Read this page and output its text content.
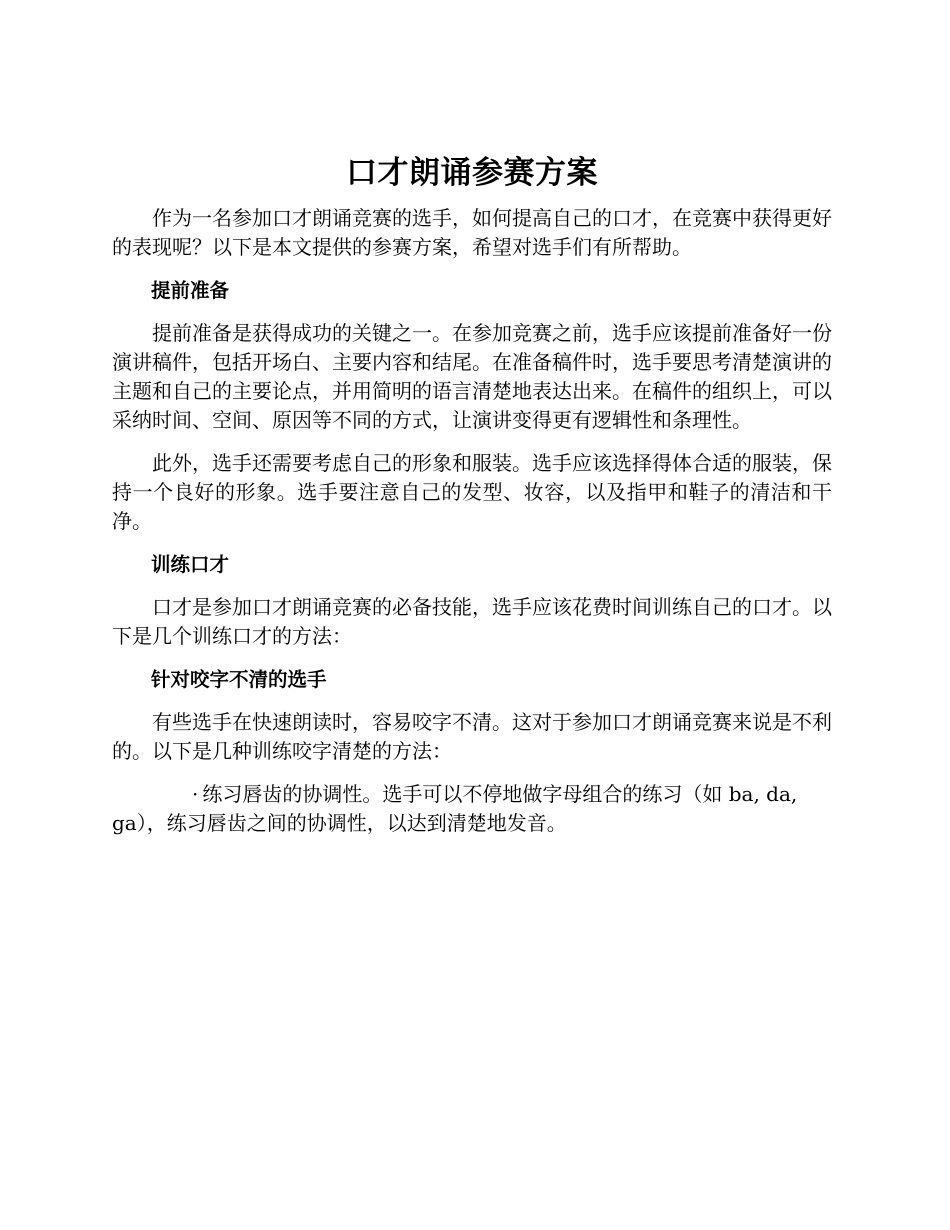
口才朗诵参赛方案

作为一名参加口才朗诵竞赛的选手，如何提高自己的口才，在竞赛中获得更好的表现呢？以下是本文提供的参赛方案，希望对选手们有所帮助。

提前准备

提前准备是获得成功的关键之一。在参加竞赛之前，选手应该提前准备好一份演讲稿件，包括开场白、主要内容和结尾。在准备稿件时，选手要思考清楚演讲的主题和自己的主要论点，并用简明的语言清楚地表达出来。在稿件的组织上，可以采纳时间、空间、原因等不同的方式，让演讲变得更有逻辑性和条理性。

此外，选手还需要考虑自己的形象和服装。选手应该选择得体合适的服装，保持一个良好的形象。选手要注意自己的发型、妆容，以及指甲和鞋子的清洁和干净。

训练口才

口才是参加口才朗诵竞赛的必备技能，选手应该花费时间训练自己的口才。以下是几个训练口才的方法：

针对咬字不清的选手

有些选手在快速朗读时，容易咬字不清。这对于参加口才朗诵竞赛来说是不利的。以下是几种训练咬字清楚的方法：

· 练习唇齿的协调性。选手可以不停地做字母组合的练习（如 ba, da, ga），练习唇齿之间的协调性，以达到清楚地发音。
